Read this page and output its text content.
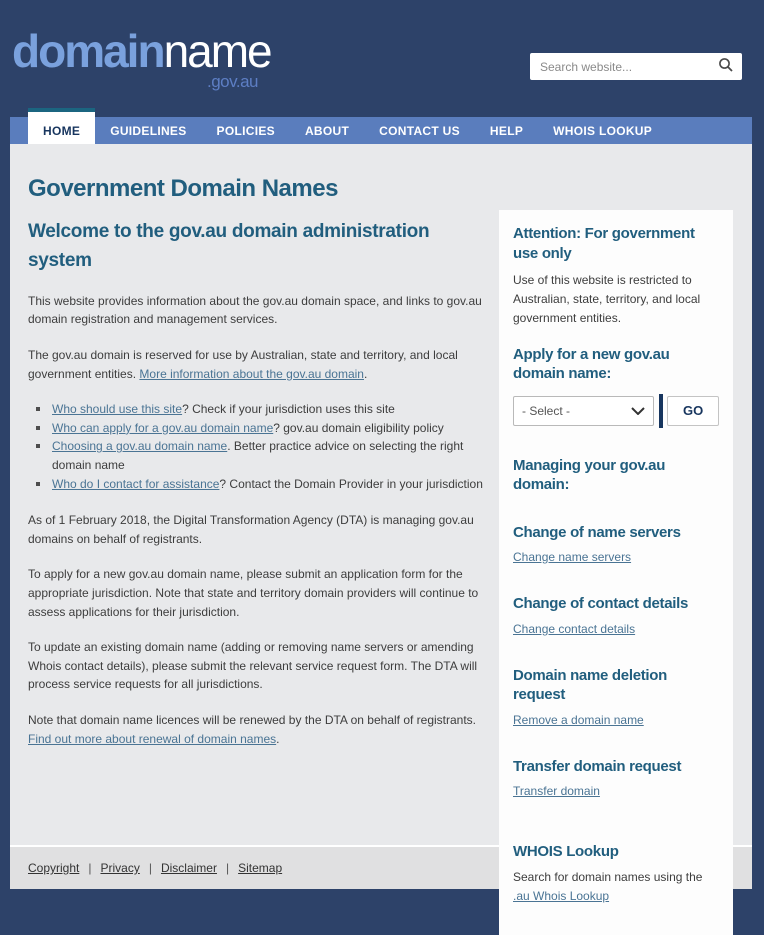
domainname
.gov.au
Search website...
HOME	GUIDELINES	POLICIES	ABOUT	CONTACT US	HELP	WHOIS LOOKUP
Government Domain Names
Welcome to the gov.au domain administration system

This website provides information about the gov.au domain space, and links to gov.au domain registration and management services.

The gov.au domain is reserved for use by Australian, state and territory, and local government entities. More information about the gov.au domain.

Who should use this site? Check if your jurisdiction uses this site
Who can apply for a gov.au domain name? gov.au domain eligibility policy
Choosing a gov.au domain name. Better practice advice on selecting the right domain name
Who do I contact for assistance? Contact the Domain Provider in your jurisdiction

As of 1 February 2018, the Digital Transformation Agency (DTA) is managing gov.au domains on behalf of registrants.

To apply for a new gov.au domain name, please submit an application form for the appropriate jurisdiction. Note that state and territory domain providers will continue to assess applications for their jurisdiction.

To update an existing domain name (adding or removing name servers or amending Whois contact details), please submit the relevant service request form. The DTA will process service requests for all jurisdictions.

Note that domain name licences will be renewed by the DTA on behalf of registrants. Find out more about renewal of domain names.

Attention: For government use only

Use of this website is restricted to Australian, state, territory, and local government entities.

Apply for a new gov.au domain name:
- Select -
GO
Managing your gov.au domain:
Change of name servers
Change name servers
Change of contact details
Change contact details
Domain name deletion request
Remove a domain name
Transfer domain request
Transfer domain
WHOIS Lookup

Search for domain names using the

.au Whois Lookup
Copyright | Privacy | Disclaimer | Sitemap
